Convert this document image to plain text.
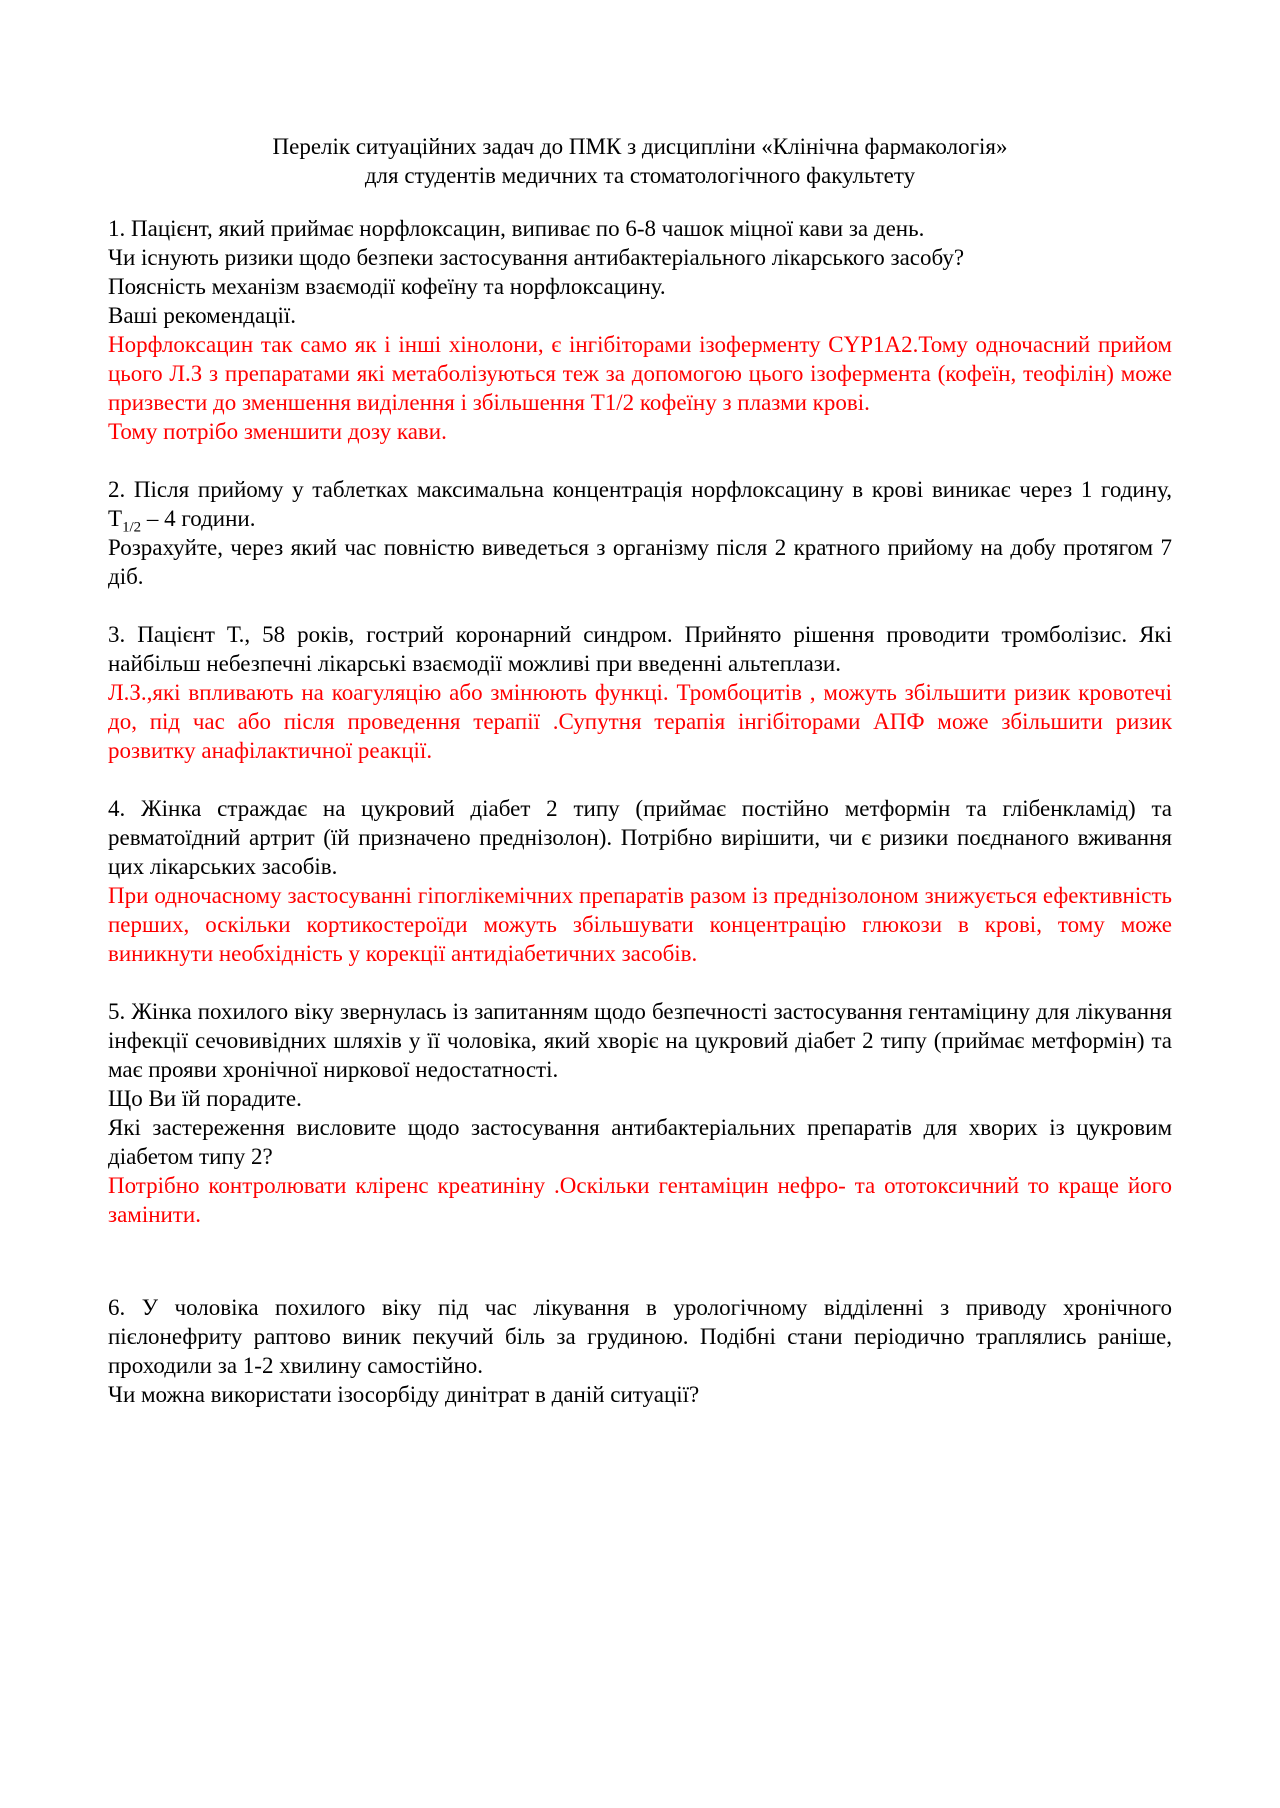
Перелік ситуаційних задач до ПМК з дисципліни «Клінічна фармакологія»
для студентів медичних та стоматологічного факультету
1. Пацієнт, який приймає норфлоксацин, випиває по 6-8 чашок міцної кави за день.
Чи існують ризики щодо безпеки застосування антибактеріального лікарського засобу?
Поясність механізм взаємодії кофеїну та норфлоксацину.
Ваші рекомендації.

Норфлоксацин так само як і інші хінолони, є інгібіторами ізоферменту CYP1A2.Тому одночасний прийом цього Л.З з препаратами які метаболізуються теж за допомогою цього ізофермента (кофеїн, теофілін) може призвести до зменшення виділення і збільшення Т1/2 кофеїну з плазми крові.

Тому потрібо зменшити дозу кави.

2. Після прийому у таблетках максимальна концентрація норфлоксацину в крові виникає через 1 годину, $Т_{1/2} - 4$ години.

Розрахуйте, через який час повністю виведеться з організму після 2 кратного прийому на добу протягом 7 діб.

3. Пацієнт Т., 58 років, гострий коронарний синдром. Прийнято рішення проводити тромболізис. Які найбільш небезпечні лікарські взаємодії можливі при введенні альтеплази.

Л.З.,які впливають на коагуляцію або змінюють функці. Тромбоцитів , можуть збільшити ризик кровотечі до, під час або після проведення терапії .Супутня терапія інгібіторами АПФ може збільшити ризик розвитку анафілактичної реакції.

4. Жінка страждає на цукровий діабет 2 типу (приймає постійно метформін та глібенкламід) та ревматоїдний артрит (їй призначено преднізолон). Потрібно вирішити, чи є ризики поєднаного вживання цих лікарських засобів.

При одночасному застосуванні гіпоглікемічних препаратів разом із преднізолоном знижується ефективність перших, оскільки кортикостероїди можуть збільшувати концентрацію глюкози в крові, тому може виникнути необхідність у корекції антидіабетичних засобів.

5. Жінка похилого віку звернулась із запитанням щодо безпечності застосування гентаміцину для лікування інфекції сечовивідних шляхів у її чоловіка, який хворіє на цукровий діабет 2 типу (приймає метформін) та має прояви хронічної ниркової недостатності.

Що Ви їй порадите.

Які застереження висловите щодо застосування антибактеріальних препаратів для хворих із цукровим діабетом типу 2?

Потрібно контролювати кліренс креатиніну .Оскільки гентаміцин нефро- та ототоксичний то краще його замінити.

6. У чоловіка похилого віку під час лікування в урологічному відділенні з приводу хронічного пієлонефриту раптово виник пекучий біль за грудиною. Подібні стани періодично траплялись раніше, проходили за 1-2 хвилину самостійно.

Чи можна використати ізосорбіду динітрат в даній ситуації?
